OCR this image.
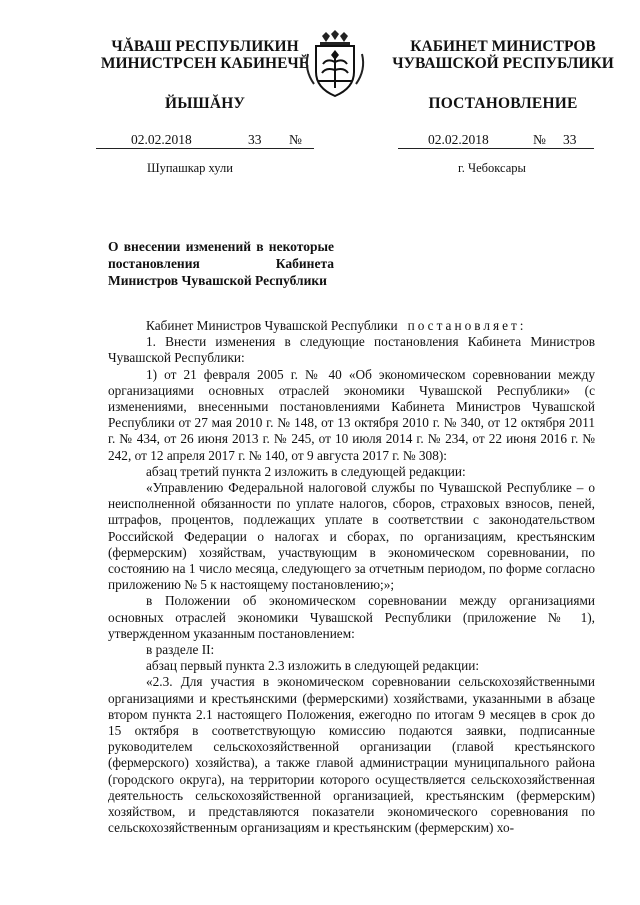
ЧĂВАШ РЕСПУБЛИКИН
МИНИСТРСЕН КАБИНЕЧĔ
ЙЫШĂНУ
КАБИНЕТ МИНИСТРОВ
ЧУВАШСКОЙ РЕСПУБЛИКИ
ПОСТАНОВЛЕНИЕ
02.02.2018	33 №	02.02.2018	№ 33
Шупашкар хули	г. Чебоксары
О внесении изменений в некоторые постановления Кабинета Министров Чувашской Республики

Кабинет Министров Чувашской Республики постановляет:

1. Внести изменения в следующие постановления Кабинета Министров Чувашской Республики:

1) от 21 февраля 2005 г. № 40 «Об экономическом соревновании между организациями основных отраслей экономики Чувашской Республики» (с изменениями, внесенными постановлениями Кабинета Министров Чувашской Республики от 27 мая 2010 г. № 148, от 13 октября 2010 г. № 340, от 12 октября 2011 г. № 434, от 26 июня 2013 г. № 245, от 10 июля 2014 г. № 234, от 22 июня 2016 г. № 242, от 12 апреля 2017 г. № 140, от 9 августа 2017 г. № 308):

абзац третий пункта 2 изложить в следующей редакции:

«Управлению Федеральной налоговой службы по Чувашской Республике – о неисполненной обязанности по уплате налогов, сборов, страховых взносов, пеней, штрафов, процентов, подлежащих уплате в соответствии с законодательством Российской Федерации о налогах и сборах, по организациям, крестьянским (фермерским) хозяйствам, участвующим в экономическом соревновании, по состоянию на 1 число месяца, следующего за отчетным периодом, по форме согласно приложению № 5 к настоящему постановлению;»;

в Положении об экономическом соревновании между организациями основных отраслей экономики Чувашской Республики (приложение № 1), утвержденном указанным постановлением:

в разделе II:

абзац первый пункта 2.3 изложить в следующей редакции:

«2.3. Для участия в экономическом соревновании сельскохозяйственными организациями и крестьянскими (фермерскими) хозяйствами, указанными в абзаце втором пункта 2.1 настоящего Положения, ежегодно по итогам 9 месяцев в срок до 15 октября в соответствующую комиссию подаются заявки, подписанные руководителем сельскохозяйственной организации (главой крестьянского (фермерского) хозяйства), а также главой администрации муниципального района (городского округа), на территории которого осуществляется сельскохозяйственная деятельность сельскохозяйственной организацией, крестьянским (фермерским) хозяйством, и представляются показатели экономического соревнования по сельскохозяйственным организациям и крестьянским (фермерским) хо-
